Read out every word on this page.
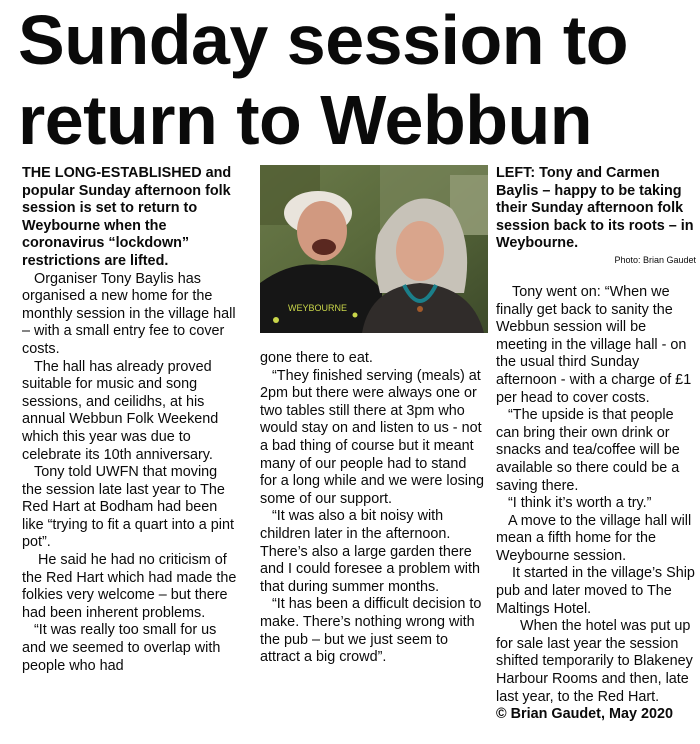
Sunday session to
return to Webbun

THE LONG-ESTABLISHED and popular Sunday afternoon folk session is set to return to Weybourne when the coronavirus “lockdown” restrictions are lifted.

Organiser Tony Baylis has organised a new home for the monthly session in the village hall – with a small entry fee to cover costs.

The hall has already proved suitable for music and song sessions, and ceilidhs, at his annual Webbun Folk Weekend which this year was due to celebrate its 10th anniversary.

Tony told UWFN that moving the session late last year to The Red Hart at Bodham had been like “trying to fit a quart into a pint pot”.

He said he had no criticism of the Red Hart which had made the folkies very welcome – but there had been inherent problems.

“It was really too small for us and we seemed to overlap with people who had

WEYBOURNE

gone there to eat.

“They finished serving (meals) at 2pm but there were always one or two tables still there at 3pm who would stay on and listen to us - not a bad thing of course but it meant many of our people had to stand for a long while and we were losing some of our support.

“It was also a bit noisy with children later in the afternoon. There’s also a large garden there and I could foresee a problem with that during summer months.

“It has been a difficult decision to make. There’s nothing wrong with the pub – but we just seem to attract a big crowd”.

LEFT: Tony and Carmen Baylis – happy to be taking their Sunday afternoon folk session back to its roots – in Weybourne.

Photo: Brian Gaudet

Tony went on: “When we finally get back to sanity the Webbun session will be meeting in the village hall - on the usual third Sunday afternoon - with a charge of £1 per head to cover costs.

“The upside is that people can bring their own drink or snacks and tea/coffee will be available so there could be a saving there.

“I think it’s worth a try.”

A move to the village hall will mean a fifth home for the Weybourne session.

It started in the village’s Ship pub and later moved to The Maltings Hotel.

When the hotel was put up for sale last year the session shifted temporarily to Blakeney Harbour Rooms and then, late last year, to the Red Hart.

© Brian Gaudet, May 2020
